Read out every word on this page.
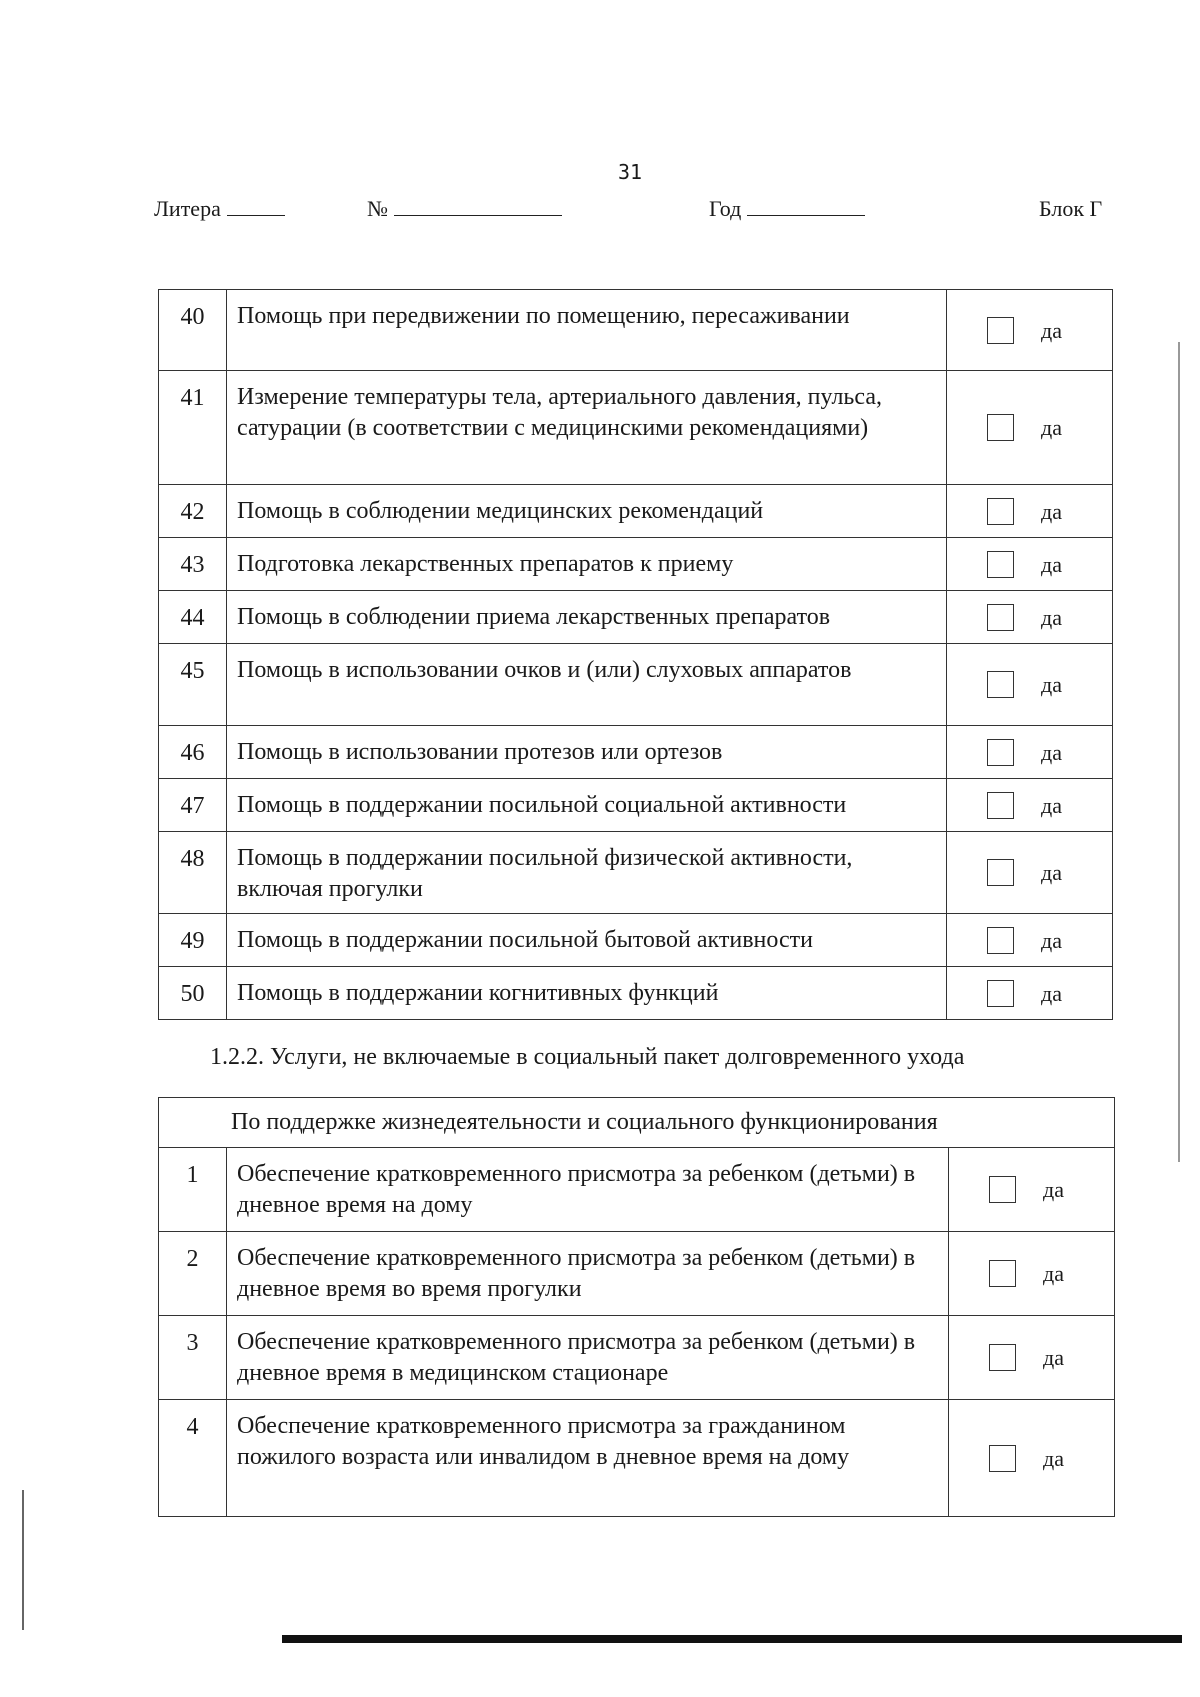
31
Литера	№	Год	Блок Г
40	Помощь при передвижении по помещению, пересаживании	да

41	Измерение температуры тела, артериального давления, пульса, сатурации (в соответствии с медицинскими рекомендациями)	да

42	Помощь в соблюдении медицинских рекомендаций	да

43	Подготовка лекарственных препаратов к приему	да

44	Помощь в соблюдении приема лекарственных препаратов	да

45	Помощь в использовании очков и (или) слуховых аппаратов	да

46	Помощь в использовании протезов или ортезов	да

47	Помощь в поддержании посильной социальной активности	да

48	Помощь в поддержании посильной физической активности, включая прогулки	да

49	Помощь в поддержании посильной бытовой активности	да

50	Помощь в поддержании когнитивных функций	да
1.2.2. Услуги, не включаемые в социальный пакет долговременного ухода
По поддержке жизнедеятельности и социального функционирования		
1	Обеспечение кратковременного присмотра за ребенком (детьми) в дневное время на дому	да

2	Обеспечение кратковременного присмотра за ребенком (детьми) в дневное время во время прогулки	да

3	Обеспечение кратковременного присмотра за ребенком (детьми) в дневное время в медицинском стационаре	да

4	Обеспечение кратковременного присмотра за гражданином пожилого возраста или инвалидом в дневное время на дому	да
